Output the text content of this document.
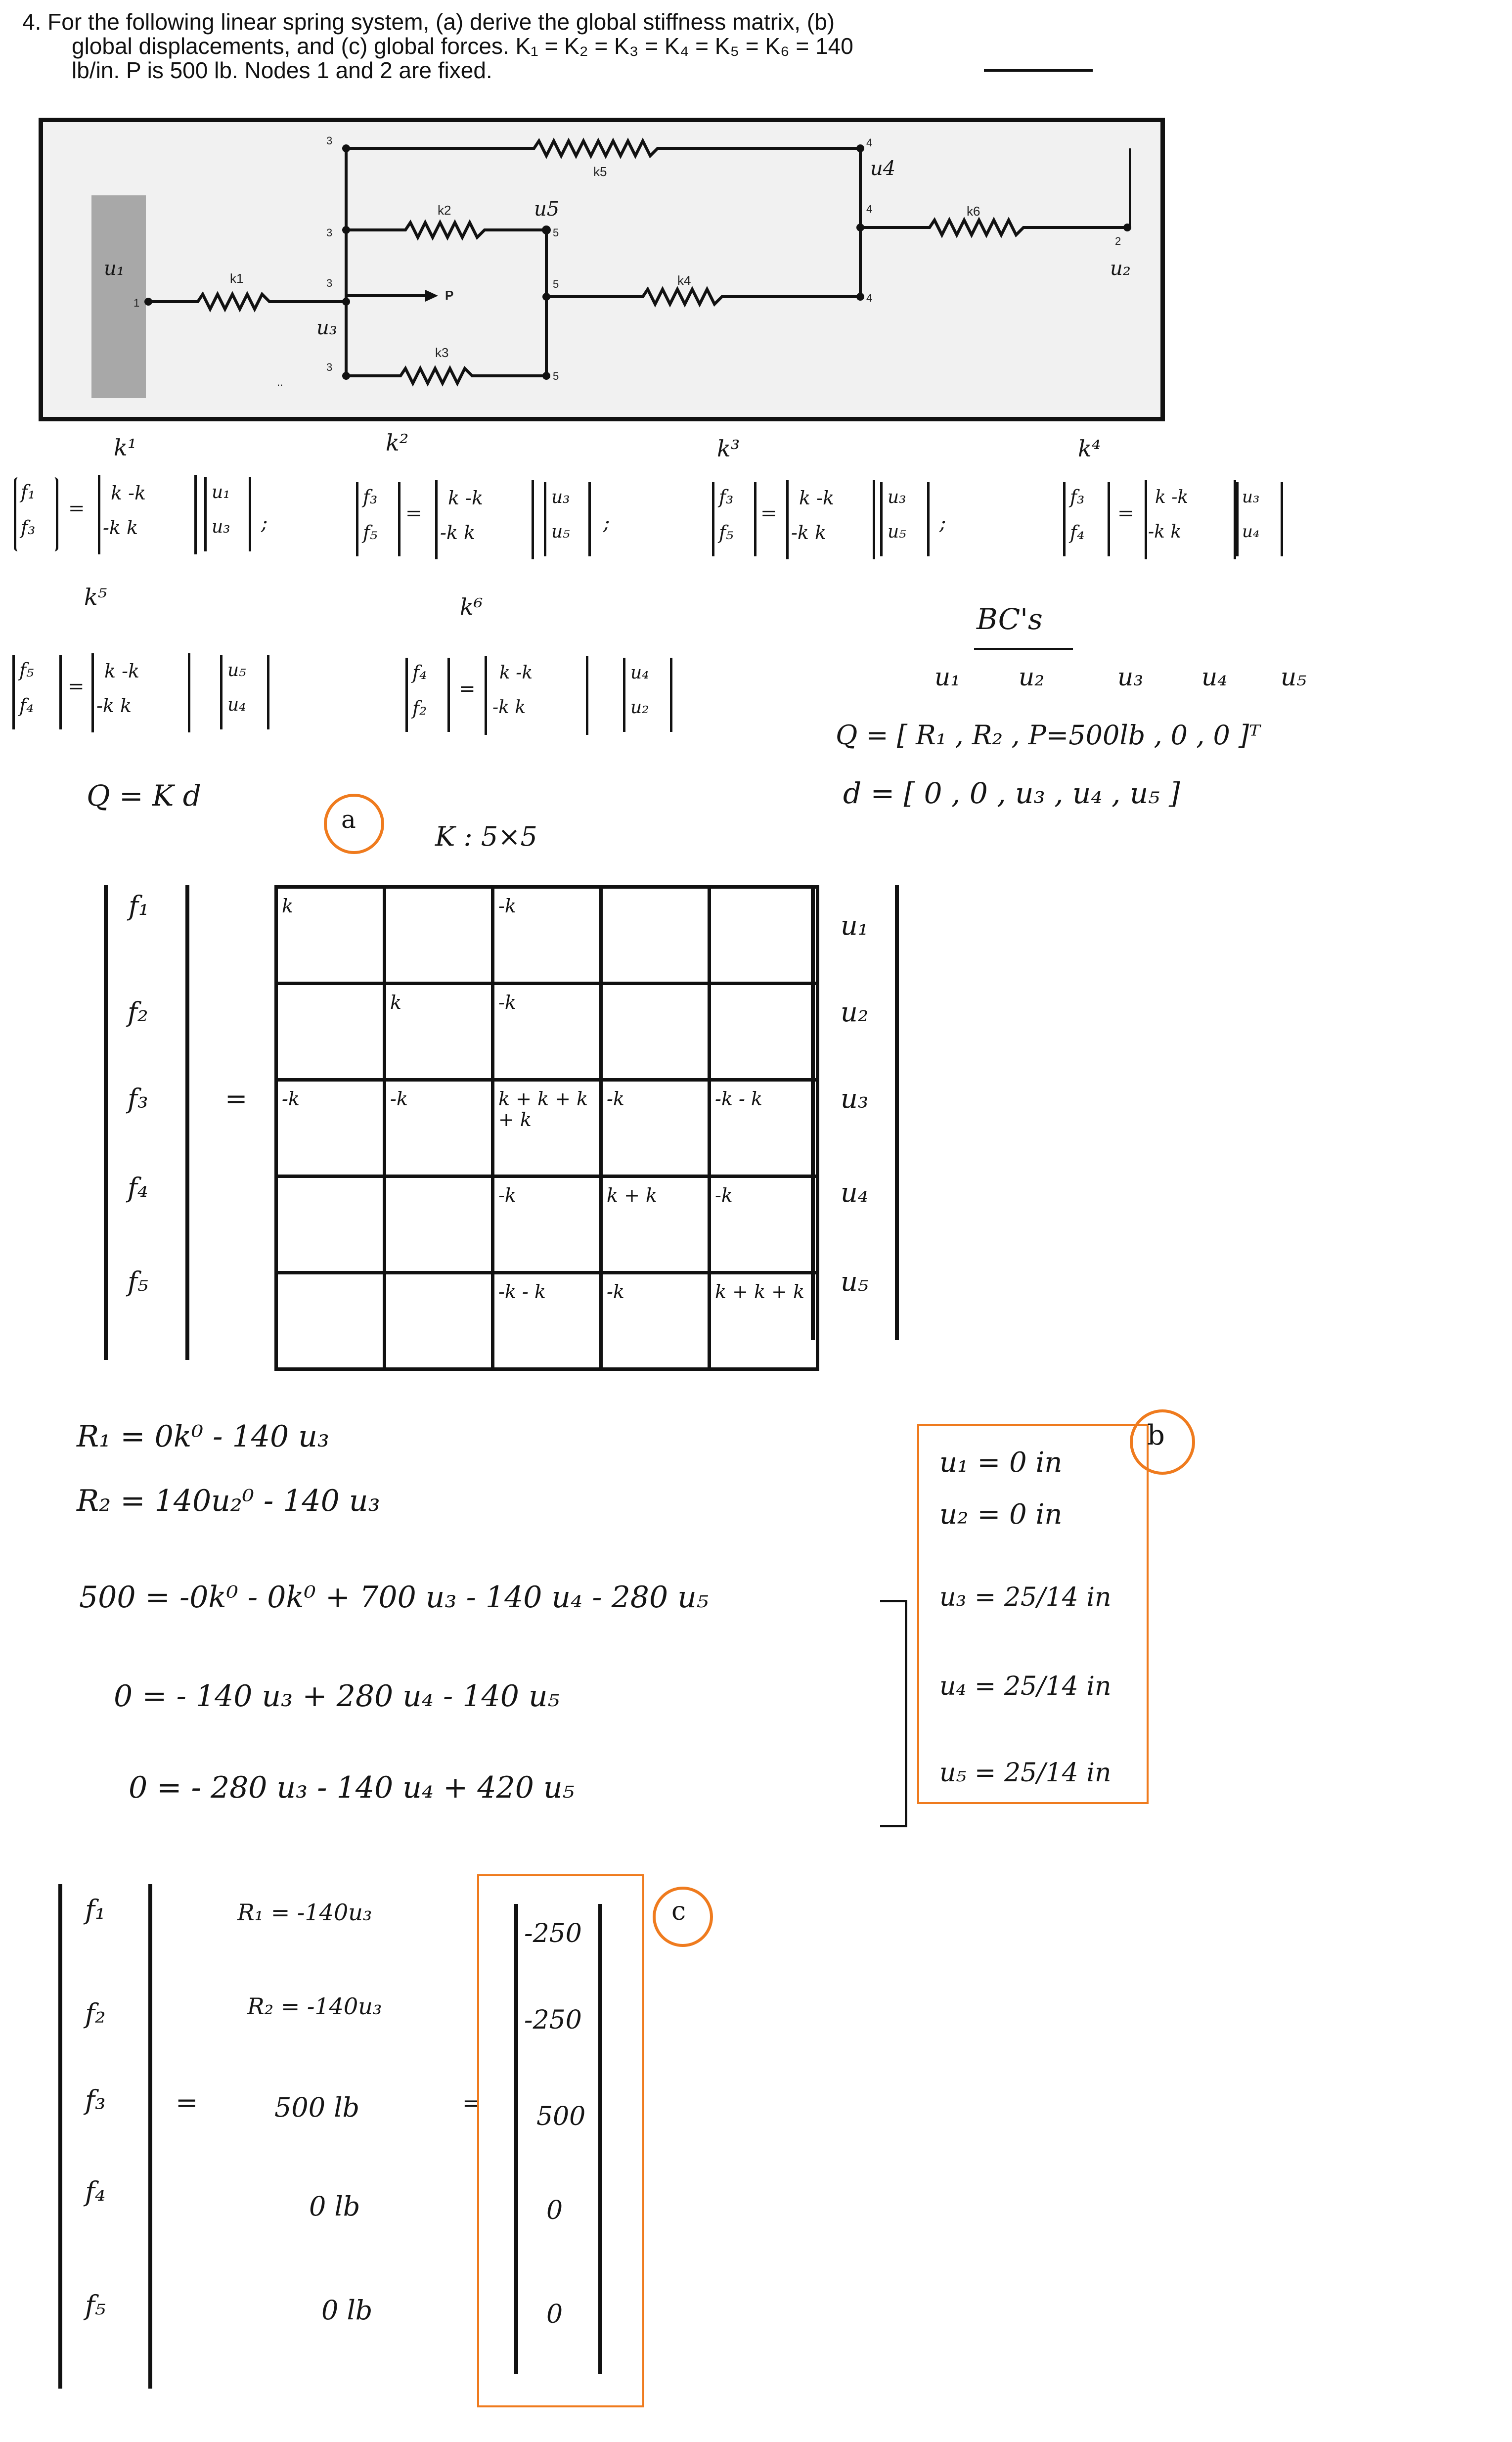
4. For the following linear spring system, (a) derive the global stiffness matrix, (b)
global displacements, and (c) global forces. K₁ = K₂ = K₃ = K₄ = K₅ = K₆ = 140
lb/in. P is 500 lb. Nodes 1 and 2 are fixed.
1
3
3
3
3
5
5
5
4
4
4
2
..
k1
k2
k3
k4
k5
k6
P
u₁	u₂
u₃
u4
u5
k¹
f₁
f₃
=
k -k
-k k
u₁
u₃ ;
k²
f₃
f₅
=
k -k
-k k
u₃
u₅ ;
k³
f₃
f₅
=
k -k
-k k
u₃
u₅ ;
k⁴
f₃
f₄
=
k -k
-k k
u₃
u₄
k⁵
f₅
f₄
=
k -k
-k k
u₅
u₄
k⁶
f₄
f₂
=
k -k
-k k
u₄
u₂
BC's
u₁ u₂	u₃ u₄ u₅
Q = [ R₁ , R₂ , P=500lb , 0 , 0 ]ᵀ
d = [ 0 , 0 , u₃ , u₄ , u₅ ]
Q = K d
a
K : 5×5
f₁
f₂
f₃
f₄
f₅
=
k		-k		
	k	-k		
-k	-k	k + k + k + k	-k	-k - k
		-k	k + k	-k
		-k - k	-k	k + k + k
u₁
u₂
u₃
u₄
u₅
R₁ = 0k⁰ - 140 u₃
R₂ = 140u₂⁰ - 140 u₃
500 = -0k⁰ - 0k⁰ + 700 u₃ - 140 u₄ - 280 u₅
0 = - 140 u₃ + 280 u₄ - 140 u₅
0 = - 280 u₃ - 140 u₄ + 420 u₅
b
u₁ = 0 in
u₂ = 0 in
u₃ = 25/14 in
u₄ = 25/14 in
u₅ = 25/14 in
f₁
f₂
f₃
f₄
f₅
=
R₁ = -140u₃
R₂ = -140u₃
500 lb
0 lb
0 lb
=
-250
-250
500
0
0
c
